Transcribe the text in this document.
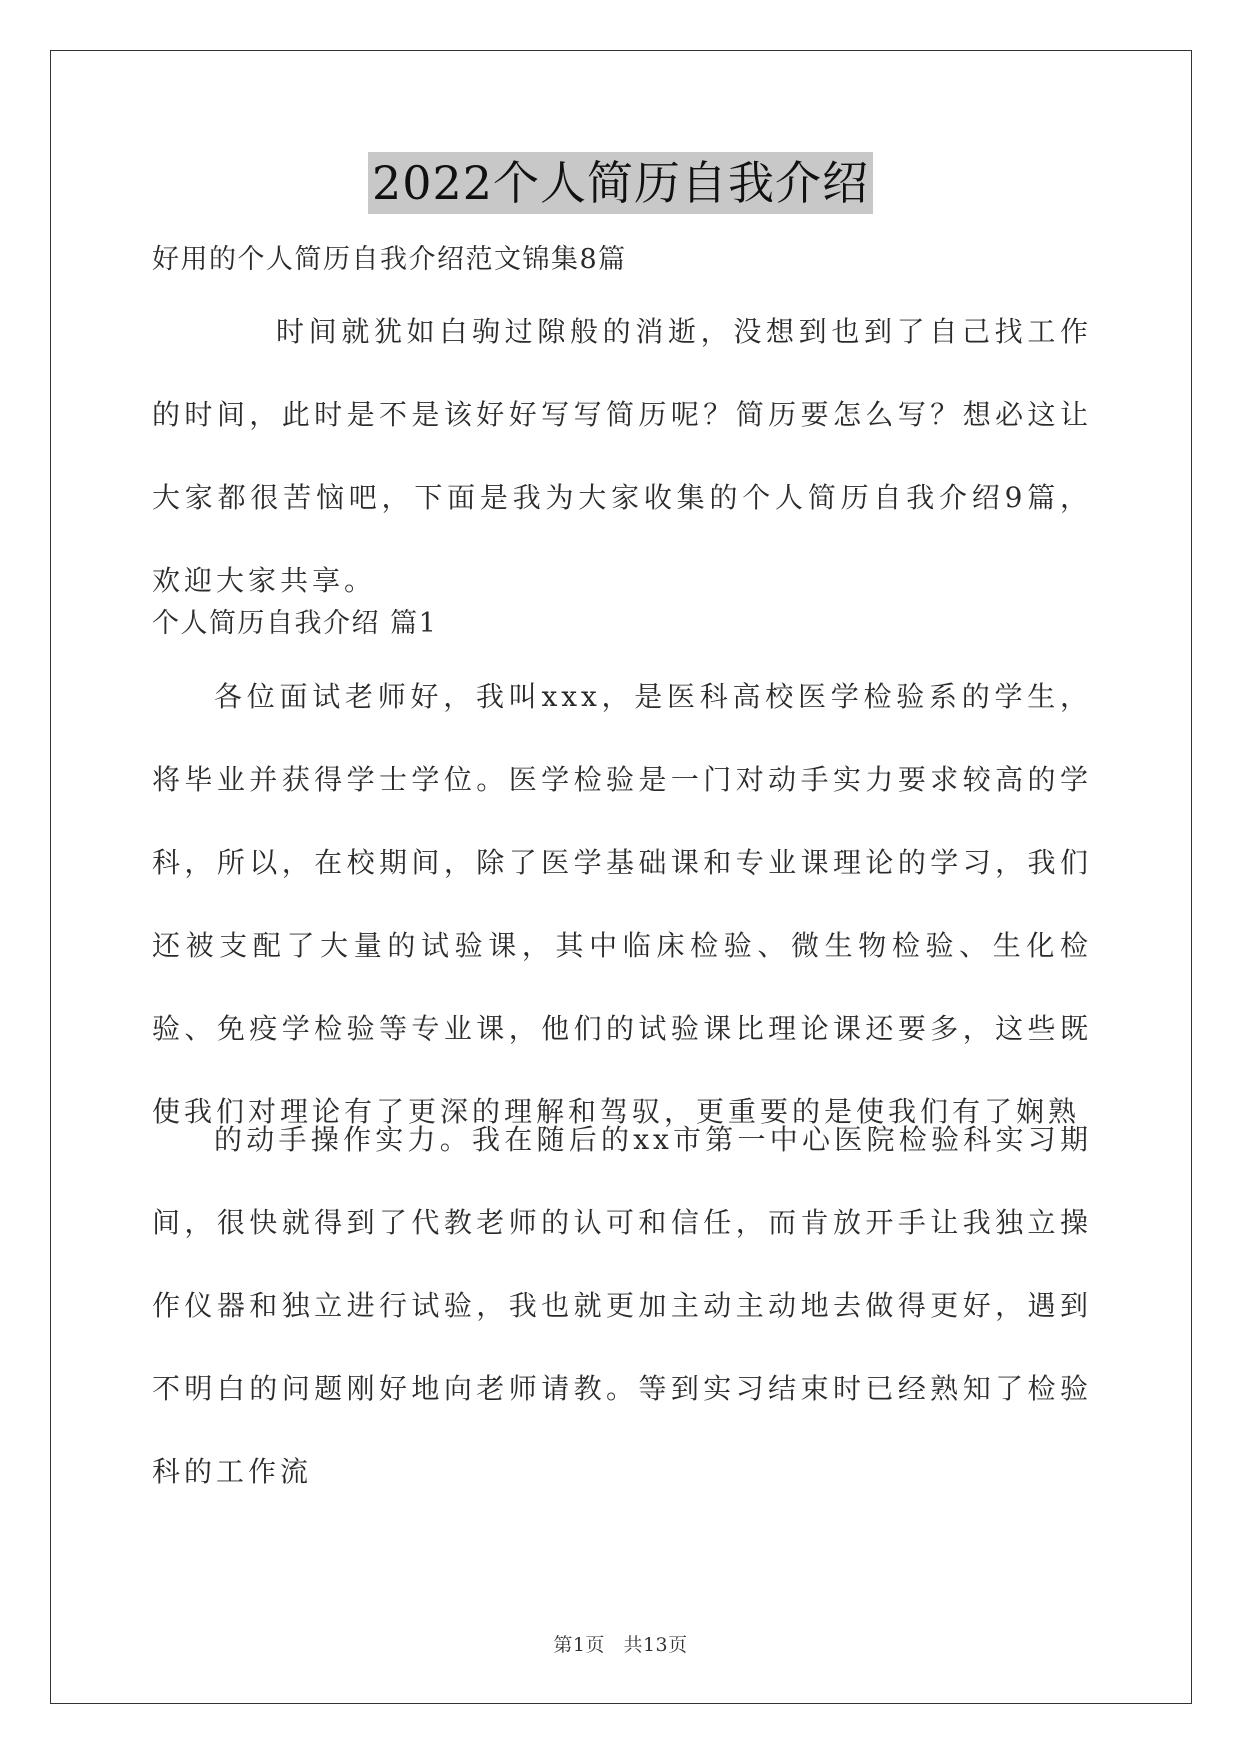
2022个人简历自我介绍
好用的个人简历自我介绍范文锦集8篇

时间就犹如白驹过隙般的消逝，没想到也到了自己找工作的时间，此时是不是该好好写写简历呢？简历要怎么写？想必这让大家都很苦恼吧，下面是我为大家收集的个人简历自我介绍9篇，欢迎大家共享。

个人简历自我介绍 篇1

各位面试老师好，我叫xxx，是医科高校医学检验系的学生，将毕业并获得学士学位。医学检验是一门对动手实力要求较高的学科，所以，在校期间，除了医学基础课和专业课理论的学习，我们还被支配了大量的试验课，其中临床检验、微生物检验、生化检验、免疫学检验等专业课，他们的试验课比理论课还要多，这些既使我们对理论有了更深的理解和驾驭，更重要的是使我们有了娴熟

的动手操作实力。我在随后的xx市第一中心医院检验科实习期间，很快就得到了代教老师的认可和信任，而肯放开手让我独立操作仪器和独立进行试验，我也就更加主动主动地去做得更好，遇到不明白的问题刚好地向老师请教。等到实习结束时已经熟知了检验科的工作流

第1页 共13页
